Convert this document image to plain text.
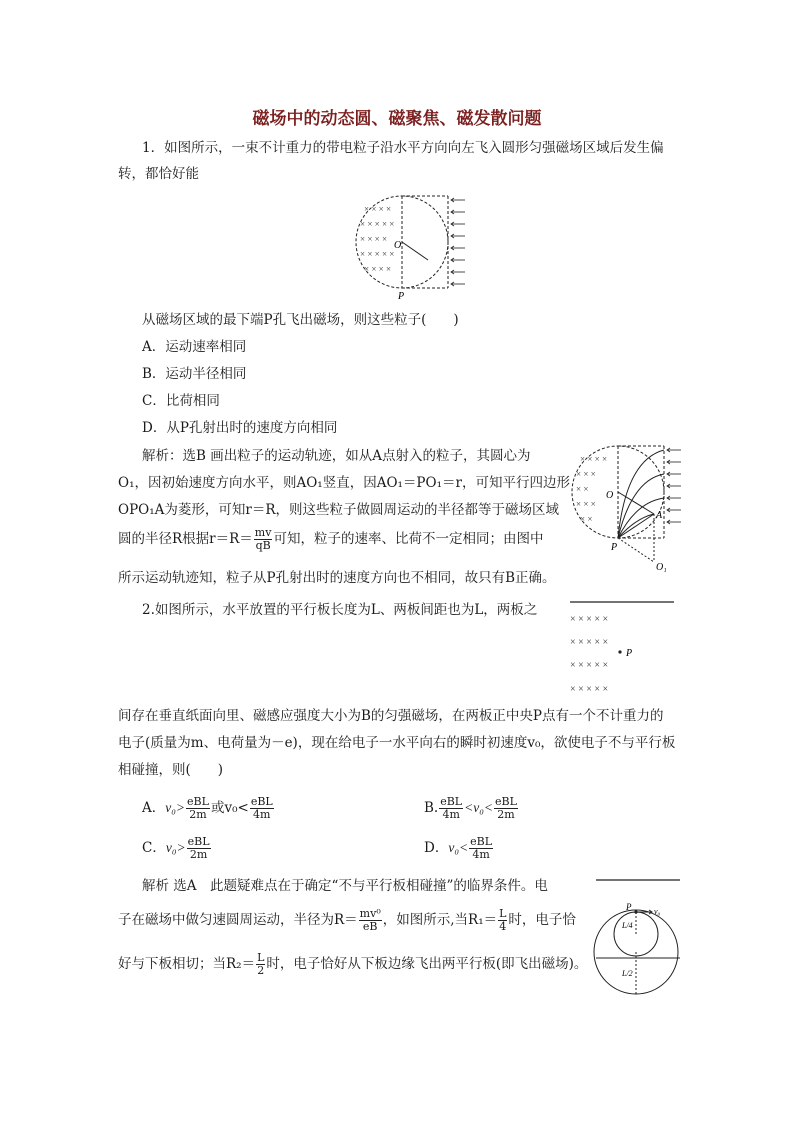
磁场中的动态圆、磁聚焦、磁发散问题
1．如图所示，一束不计重力的带电粒子沿水平方向向左飞入圆形匀强磁场区域后发生偏
转，都恰好能
× × × ×
× × × × ×
× × × ×
× × × × ×
× × × ×
O
P
从磁场区域的最下端P孔飞出磁场，则这些粒子(　　)
A．运动速率相同
B．运动半径相同
C．比荷相同
D．从P孔射出时的速度方向相同
解析：选B 画出粒子的运动轨迹，如从A点射入的粒子，其圆心为
O₁，因初始速度方向水平，则AO₁竖直，因AO₁＝PO₁＝r，可知平行四边形
OPO₁A为菱形，可知r＝R，则这些粒子做圆周运动的半径都等于磁场区域
圆的半径R根据$r=R= \frac{mv}{qB}$ 可知，粒子的速率、比荷不一定相同；由图中
所示运动轨迹知，粒子从P孔射出时的速度方向也不相同，故只有B正确。
× × × ×
× × ×
× ×
× × ×
× ×
O
P
A
O₁
2.如图所示，水平放置的平行板长度为L、两板间距也为L，两板之
× × × × ×
× × × × ×
× × × × ×
× × × × ×
P
间存在垂直纸面向里、磁感应强度大小为B的匀强磁场，在两板正中央P点有一个不计重力的
电子(质量为m、电荷量为－e)，现在给电子一水平向右的瞬时初速度v₀，欲使电子不与平行板
相碰撞，则(　　)
A．$v_0> \frac{\text{eBL}}{2m}$ 或$v_0< \frac{\text{eBL}}{4m}$	B. $\frac{\text{eBL}}{4m} <v_0< \frac{\text{eBL}}{2m}$
C．$v_0> \frac{\text{eBL}}{2m}$	D．$v_0< \frac{\text{eBL}}{4m}$
解析 选A　此题疑难点在于确定“不与平行板相碰撞”的临界条件。电
子在磁场中做匀速圆周运动，半径为$R= \frac{\text{mv⁰}}{eB}$ ，如图所示,当$R_1= \frac{L}{4}$ 时，电子恰
好与下板相切；当$R_2= \frac{L}{2}$ 时，电子恰好从下板边缘飞出两平行板(即飞出磁场)。
P	v₀
L/4
L/2
